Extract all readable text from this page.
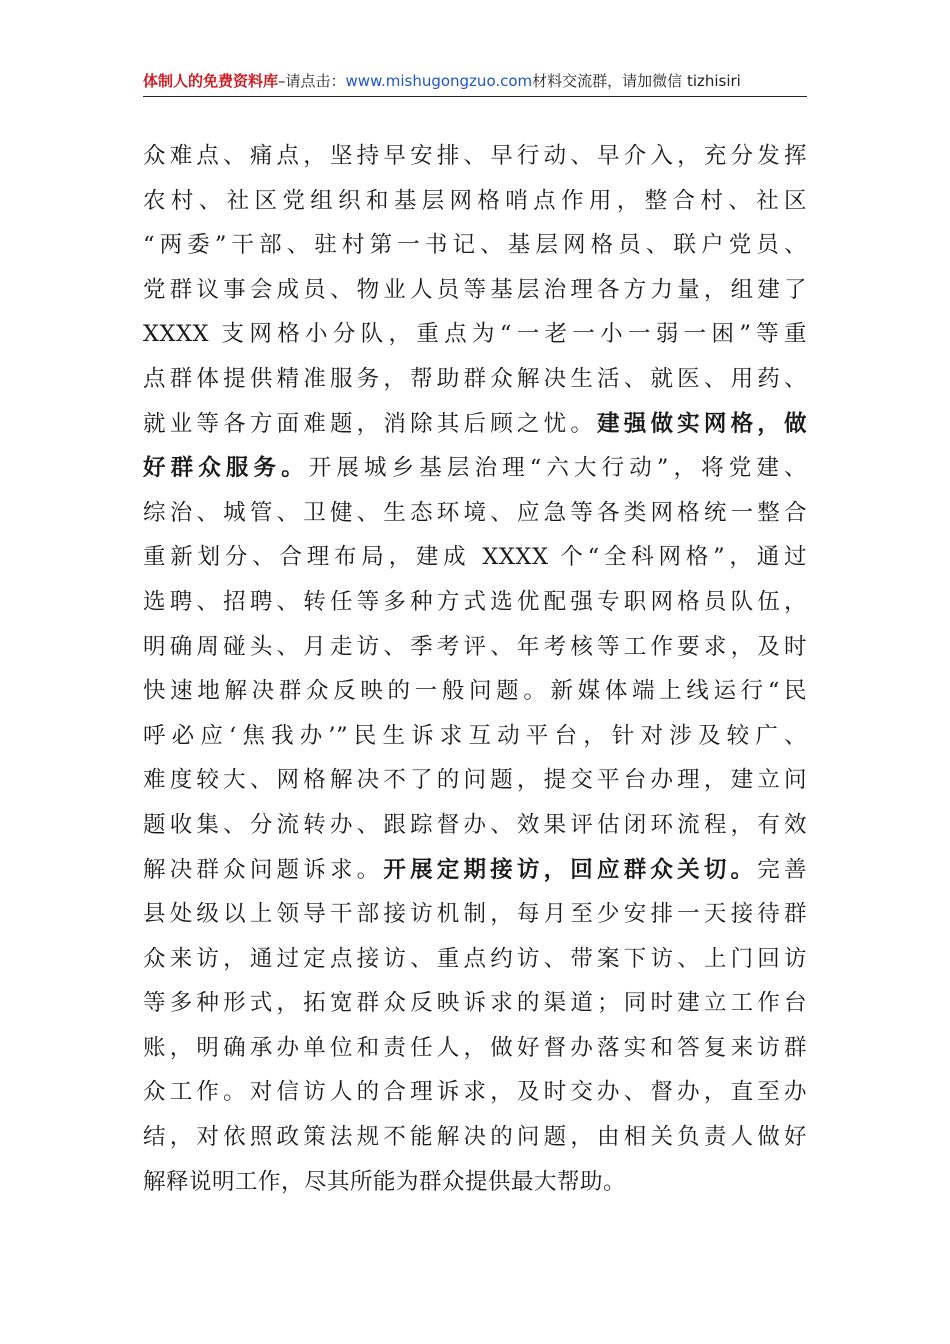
体制人的免费资料库–请点击：www.mishugongzuo.com材料交流群，请加微信 tizhisiri
众难点、痛点，坚持早安排、早行动、早介入，充分发挥
农村、社区党组织和基层网格哨点作用，整合村、社区
“两委”干部、驻村第一书记、基层网格员、联户党员、
党群议事会成员、物业人员等基层治理各方力量，组建了
XXXX 支网格小分队，重点为“一老一小一弱一困”等重
点群体提供精准服务，帮助群众解决生活、就医、用药、
就业等各方面难题，消除其后顾之忧。建强做实网格，做
好群众服务。开展城乡基层治理“六大行动”，将党建、
综治、城管、卫健、生态环境、应急等各类网格统一整合
重新划分、合理布局，建成 XXXX 个“全科网格”，通过
选聘、招聘、转任等多种方式选优配强专职网格员队伍，
明确周碰头、月走访、季考评、年考核等工作要求，及时
快速地解决群众反映的一般问题。新媒体端上线运行“民
呼必应‘焦我办’”民生诉求互动平台，针对涉及较广、
难度较大、网格解决不了的问题，提交平台办理，建立问
题收集、分流转办、跟踪督办、效果评估闭环流程，有效
解决群众问题诉求。开展定期接访，回应群众关切。完善
县处级以上领导干部接访机制，每月至少安排一天接待群
众来访，通过定点接访、重点约访、带案下访、上门回访
等多种形式，拓宽群众反映诉求的渠道；同时建立工作台
账，明确承办单位和责任人，做好督办落实和答复来访群
众工作。对信访人的合理诉求，及时交办、督办，直至办
结，对依照政策法规不能解决的问题，由相关负责人做好
解释说明工作，尽其所能为群众提供最大帮助。
